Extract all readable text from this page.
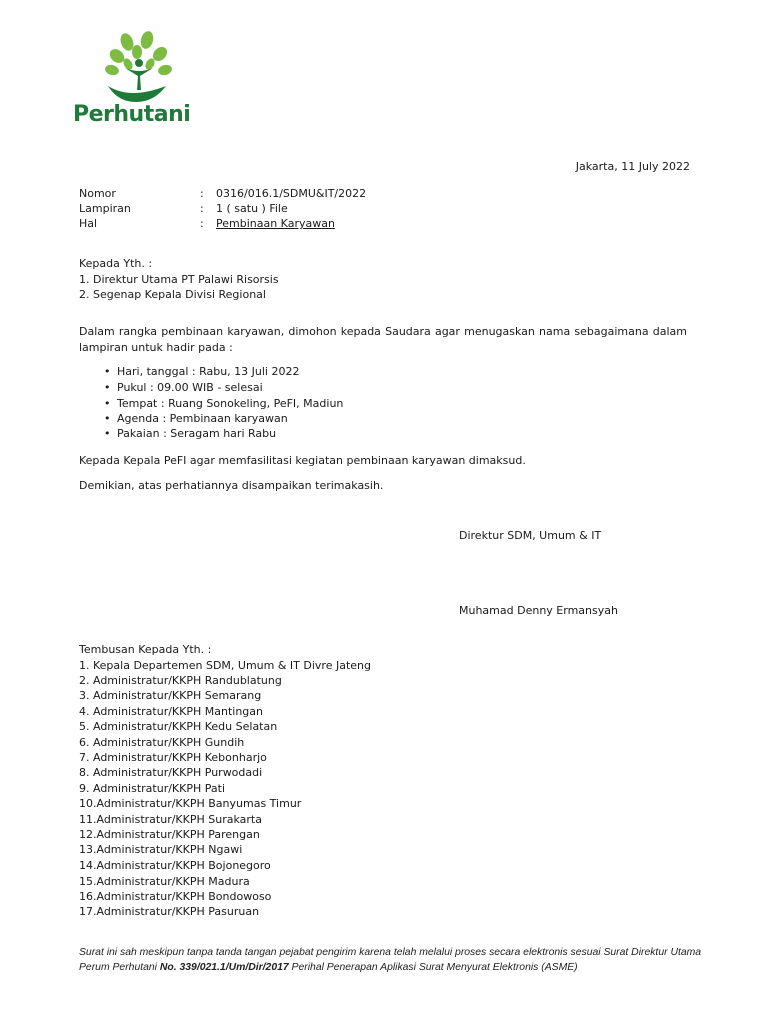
Perhutani
Jakarta, 11 July 2022
Nomor	: 0316/016.1/SDMU&IT/2022
Lampiran	: 1 ( satu ) File
Hal	: Pembinaan Karyawan
Kepada Yth. :
1. Direktur Utama PT Palawi Risorsis
2. Segenap Kepala Divisi Regional
Dalam rangka pembinaan karyawan, dimohon kepada Saudara agar menugaskan nama sebagaimana dalam lampiran untuk hadir pada :
• Hari, tanggal : Rabu, 13 Juli 2022
• Pukul : 09.00 WIB - selesai
• Tempat : Ruang Sonokeling, PeFI, Madiun
• Agenda : Pembinaan karyawan
• Pakaian : Seragam hari Rabu
Kepada Kepala PeFI agar memfasilitasi kegiatan pembinaan karyawan dimaksud.
Demikian, atas perhatiannya disampaikan terimakasih.
Direktur SDM, Umum & IT
Muhamad Denny Ermansyah
Tembusan Kepada Yth. :
1. Kepala Departemen SDM, Umum & IT Divre Jateng
2. Administratur/KKPH Randublatung
3. Administratur/KKPH Semarang
4. Administratur/KKPH Mantingan
5. Administratur/KKPH Kedu Selatan
6. Administratur/KKPH Gundih
7. Administratur/KKPH Kebonharjo
8. Administratur/KKPH Purwodadi
9. Administratur/KKPH Pati
10.Administratur/KKPH Banyumas Timur
11.Administratur/KKPH Surakarta
12.Administratur/KKPH Parengan
13.Administratur/KKPH Ngawi
14.Administratur/KKPH Bojonegoro
15.Administratur/KKPH Madura
16.Administratur/KKPH Bondowoso
17.Administratur/KKPH Pasuruan
Surat ini sah meskipun tanpa tanda tangan pejabat pengirim karena telah melalui proses secara elektronis sesuai Surat Direktur Utama Perum Perhutani No. 339/021.1/Um/Dir/2017 Perihal Penerapan Aplikasi Surat Menyurat Elektronis (ASME)
